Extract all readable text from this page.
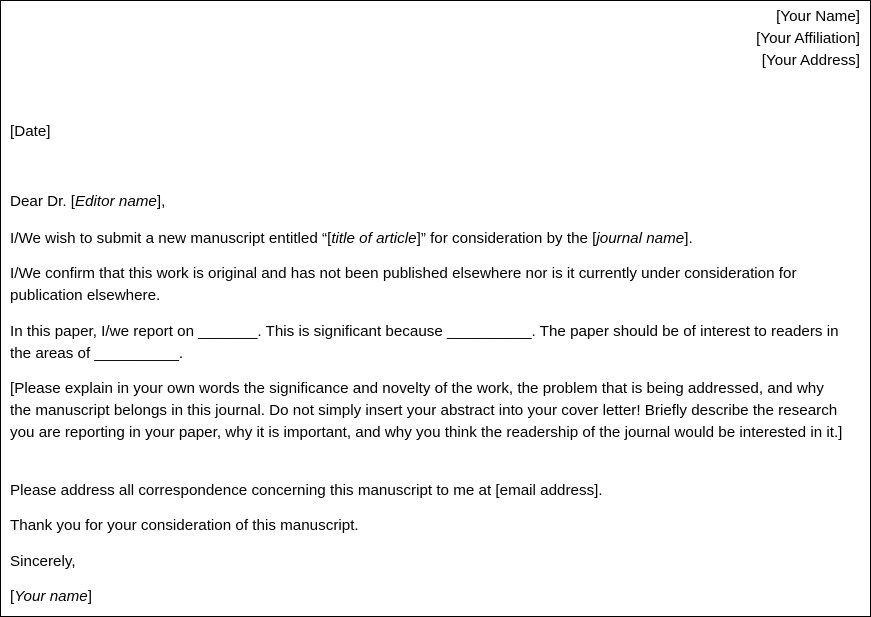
[Your Name]
[Your Affiliation]
[Your Address]
[Date]
Dear Dr. [Editor name],
I/We wish to submit a new manuscript entitled “[title of article]” for consideration by the [journal name].
I/We confirm that this work is original and has not been published elsewhere nor is it currently under consideration for publication elsewhere.
In this paper, I/we report on _______. This is significant because __________. The paper should be of interest to readers in the areas of __________.
[Please explain in your own words the significance and novelty of the work, the problem that is being addressed, and why the manuscript belongs in this journal. Do not simply insert your abstract into your cover letter! Briefly describe the research you are reporting in your paper, why it is important, and why you think the readership of the journal would be interested in it.]
Please address all correspondence concerning this manuscript to me at [email address].
Thank you for your consideration of this manuscript.
Sincerely,
[Your name]
